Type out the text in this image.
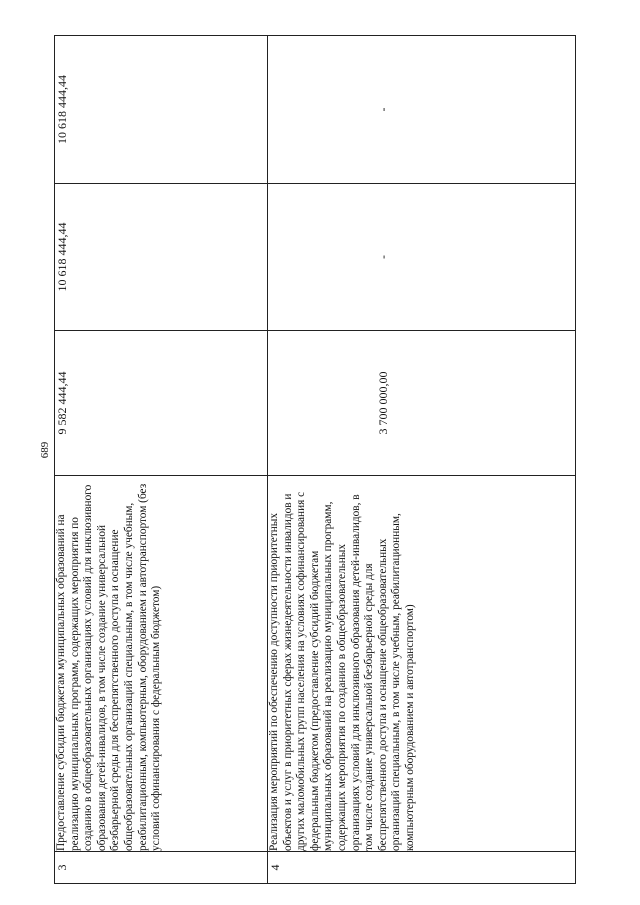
689
3	Предоставление субсидии бюджетам муниципальных образований на реализацию муниципальных программ, содержащих мероприятия по созданию в общеобразовательных организациях условий для инклюзивного образования детей-инвалидов, в том числе создание универсальной безбарьерной среды для беспрепятственного доступа и оснащение общеобразовательных организаций специальным, в том числе учебным, реабилитационным, компьютерным, оборудованием и автотранспортом (без условий софинансирования с федеральным бюджетом)	9 582 444,44	10 618 444,44	10 618 444,44
4	Реализация мероприятий по обеспечению доступности приоритетных объектов и услуг в приоритетных сферах жизнедеятельности инвалидов и других маломобильных групп населения на условиях софинансирования с федеральным бюджетом (предоставление субсидий бюджетам муниципальных образований на реализацию муниципальных программ, содержащих мероприятия по созданию в общеобразовательных организациях условий для инклюзивного образования детей-инвалидов, в том числе создание универсальной безбарьерной среды для беспрепятственного доступа и оснащение общеобразовательных организаций специальным, в том числе учебным, реабилитационным, компьютерным оборудованием и автотранспортом)	3 700 000,00	-	-
